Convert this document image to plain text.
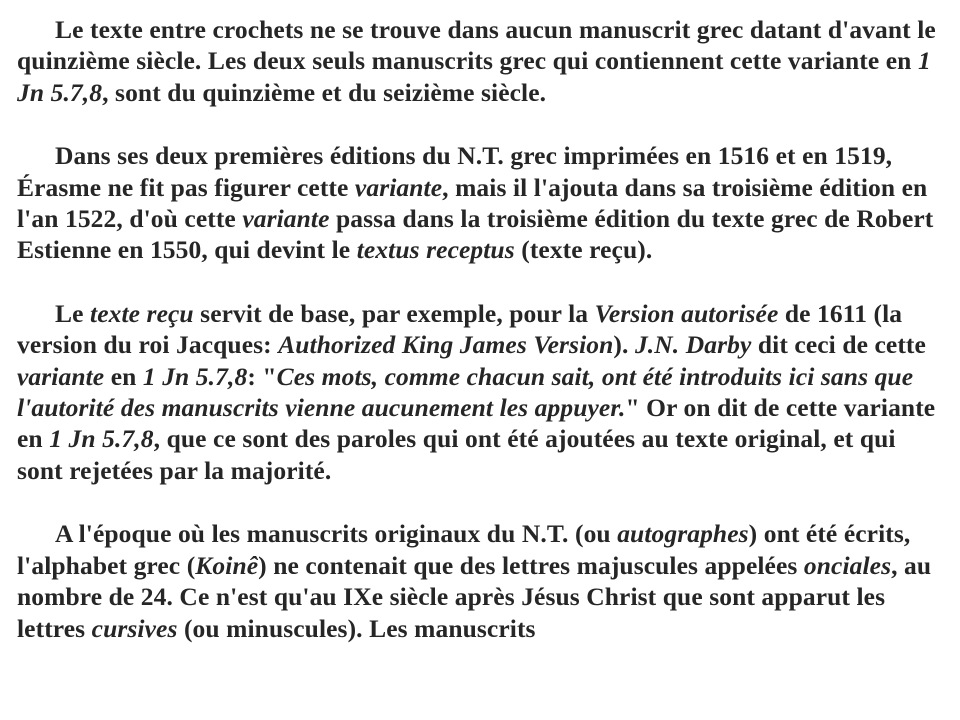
Le texte entre crochets ne se trouve dans aucun manuscrit grec datant d'avant le quinzième siècle. Les deux seuls manuscrits grec qui contiennent cette variante en 1 Jn 5.7,8, sont du quinzième et du seizième siècle.

Dans ses deux premières éditions du N.T. grec imprimées en 1516 et en 1519, Érasme ne fit pas figurer cette variante, mais il l'ajouta dans sa troisième édition en l'an 1522, d'où cette variante passa dans la troisième édition du texte grec de Robert Estienne en 1550, qui devint le textus receptus (texte reçu).

Le texte reçu servit de base, par exemple, pour la Version autorisée de 1611 (la version du roi Jacques: Authorized King James Version). J.N. Darby dit ceci de cette variante en 1 Jn 5.7,8: "Ces mots, comme chacun sait, ont été introduits ici sans que l'autorité des manuscrits vienne aucunement les appuyer." Or on dit de cette variante en 1 Jn 5.7,8, que ce sont des paroles qui ont été ajoutées au texte original, et qui sont rejetées par la majorité.

A l'époque où les manuscrits originaux du N.T. (ou autographes) ont été écrits, l'alphabet grec (Koinê) ne contenait que des lettres majuscules appelées onciales, au nombre de 24. Ce n'est qu'au IXe siècle après Jésus Christ que sont apparut les lettres cursives (ou minuscules). Les manuscrits
